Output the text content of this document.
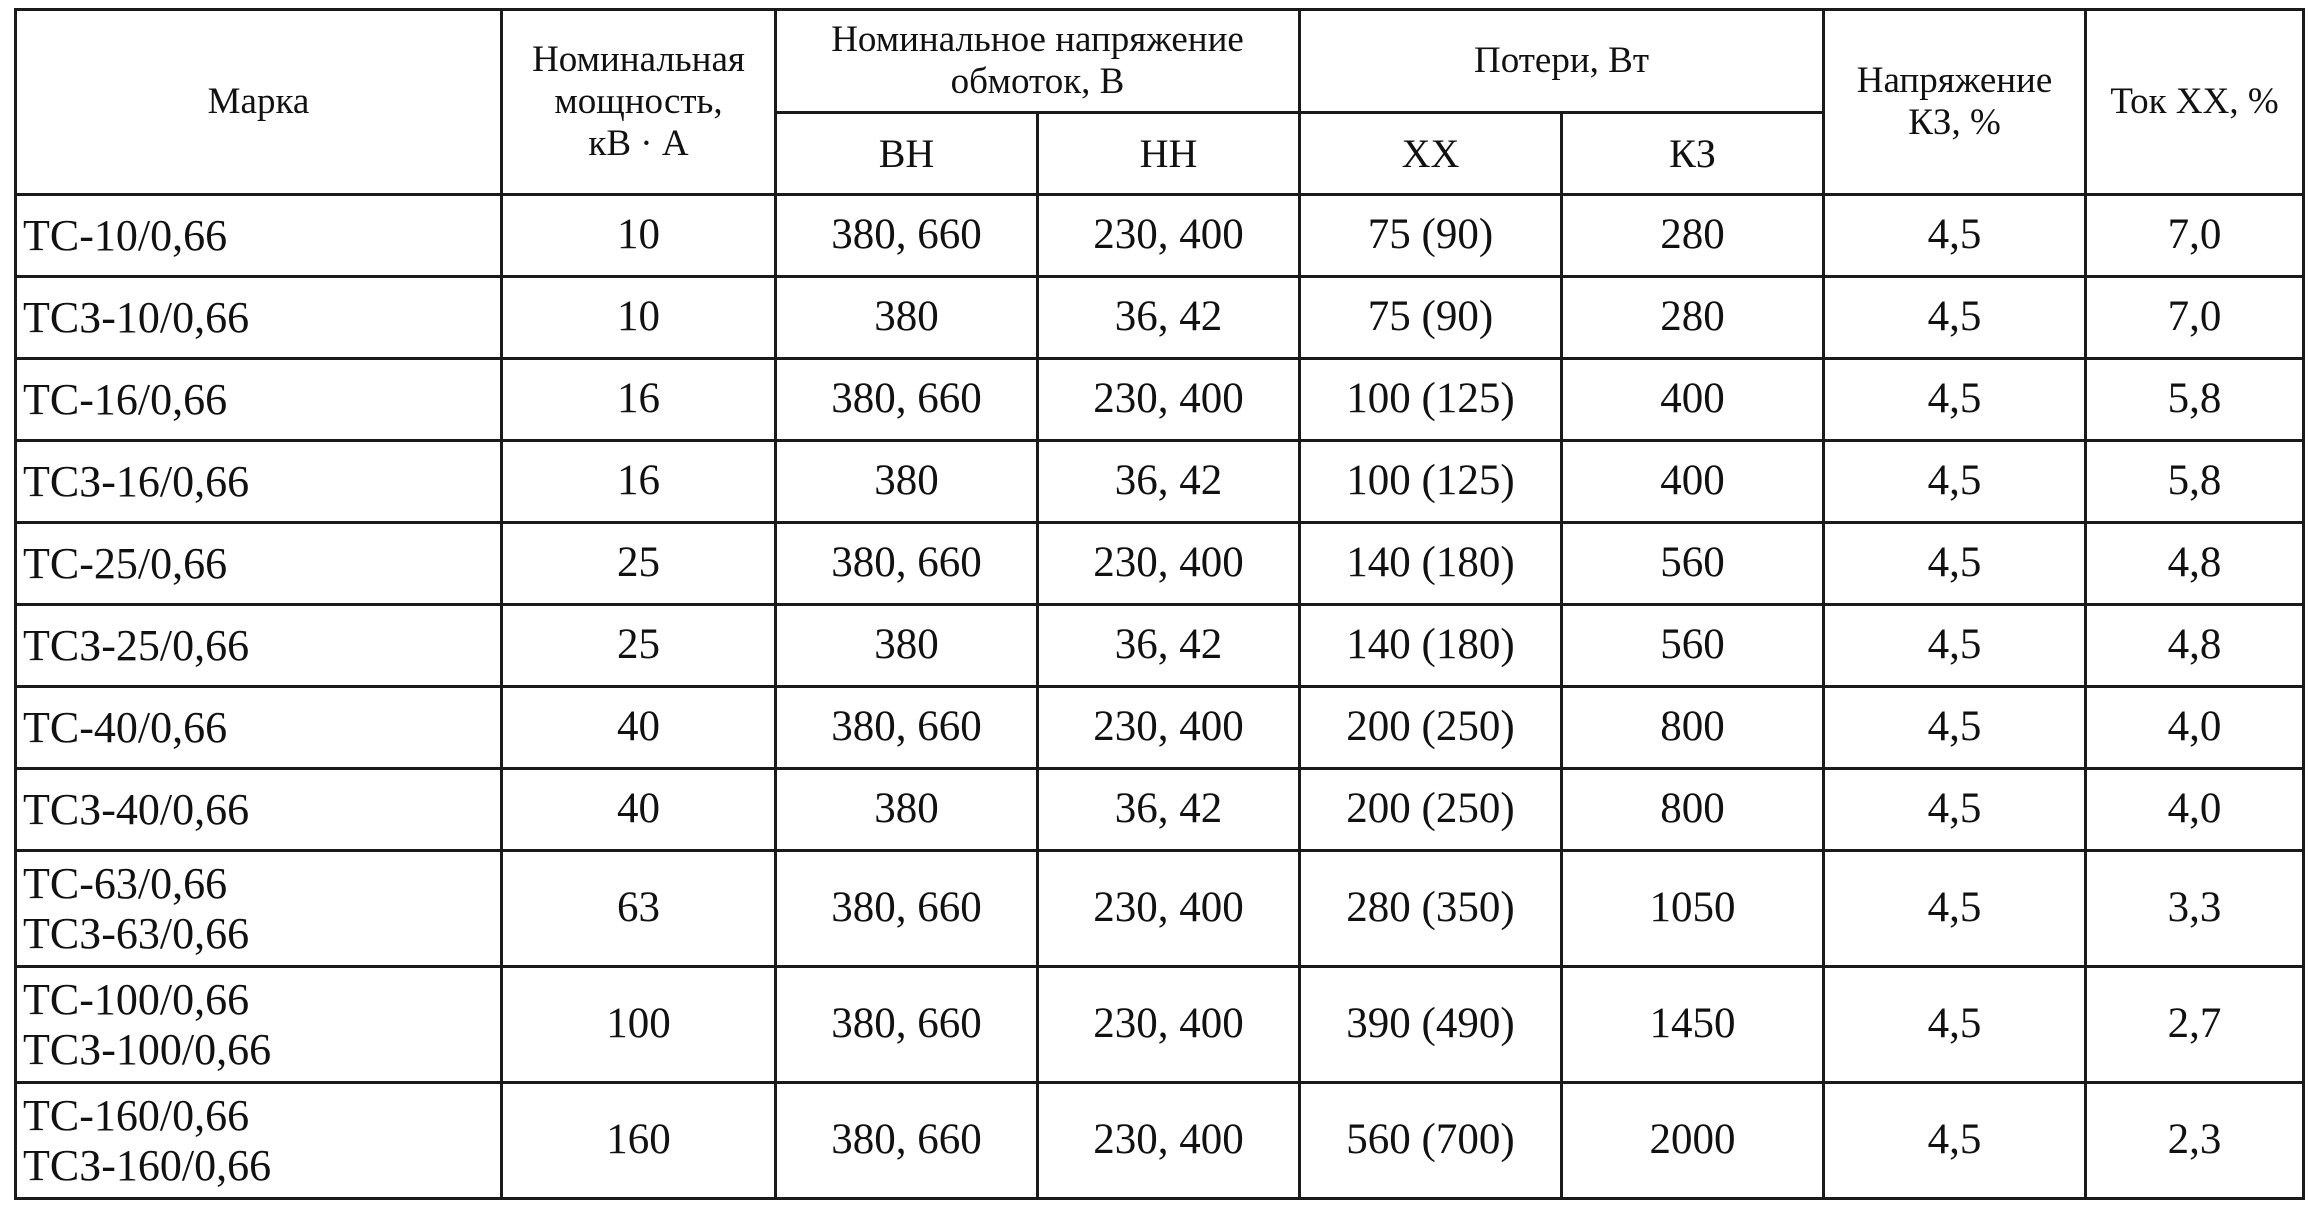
Марка	Номинальная
мощность,
кВ · А	Номинальное напряжение
обмоток, В		Потери, Вт		Напряжение
КЗ, %	Ток ХХ, %
		ВН	НН	ХХ	КЗ		

ТС-10/0,66	10	380, 660	230, 400	75 (90)	280	4,5	7,0

ТСЗ-10/0,66	10	380	36, 42	75 (90)	280	4,5	7,0

ТС-16/0,66	16	380, 660	230, 400	100 (125)	400	4,5	5,8

ТСЗ-16/0,66	16	380	36, 42	100 (125)	400	4,5	5,8

ТС-25/0,66	25	380, 660	230, 400	140 (180)	560	4,5	4,8

ТСЗ-25/0,66	25	380	36, 42	140 (180)	560	4,5	4,8

ТС-40/0,66	40	380, 660	230, 400	200 (250)	800	4,5	4,0

ТСЗ-40/0,66	40	380	36, 42	200 (250)	800	4,5	4,0

ТС-63/0,66
ТСЗ-63/0,66	63	380, 660	230, 400	280 (350)	1050	4,5	3,3

ТС-100/0,66
ТСЗ-100/0,66	100	380, 660	230, 400	390 (490)	1450	4,5	2,7

ТС-160/0,66
ТСЗ-160/0,66	160	380, 660	230, 400	560 (700)	2000	4,5	2,3
